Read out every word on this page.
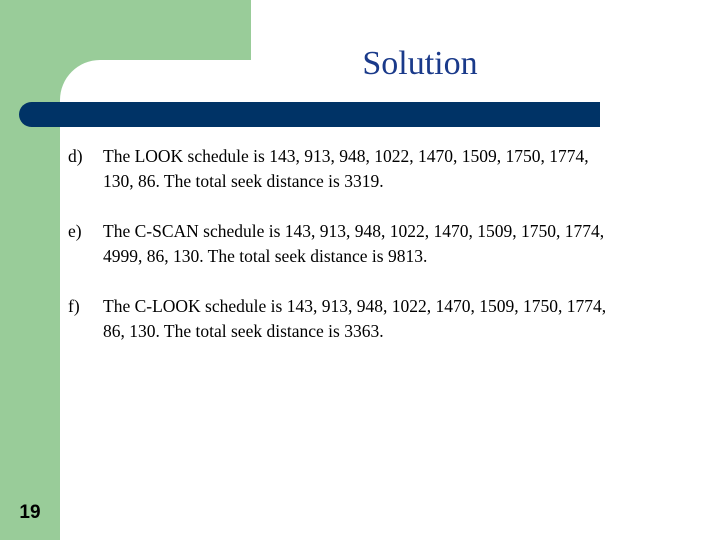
Solution
d)	The LOOK schedule is 143, 913, 948, 1022, 1470, 1509, 1750, 1774,
130, 86. The total seek distance is 3319.
e)	The C-SCAN schedule is 143, 913, 948, 1022, 1470, 1509, 1750, 1774,
4999, 86, 130. The total seek distance is 9813.
f)	The C-LOOK schedule is 143, 913, 948, 1022, 1470, 1509, 1750, 1774,
86, 130. The total seek distance is 3363.
19
